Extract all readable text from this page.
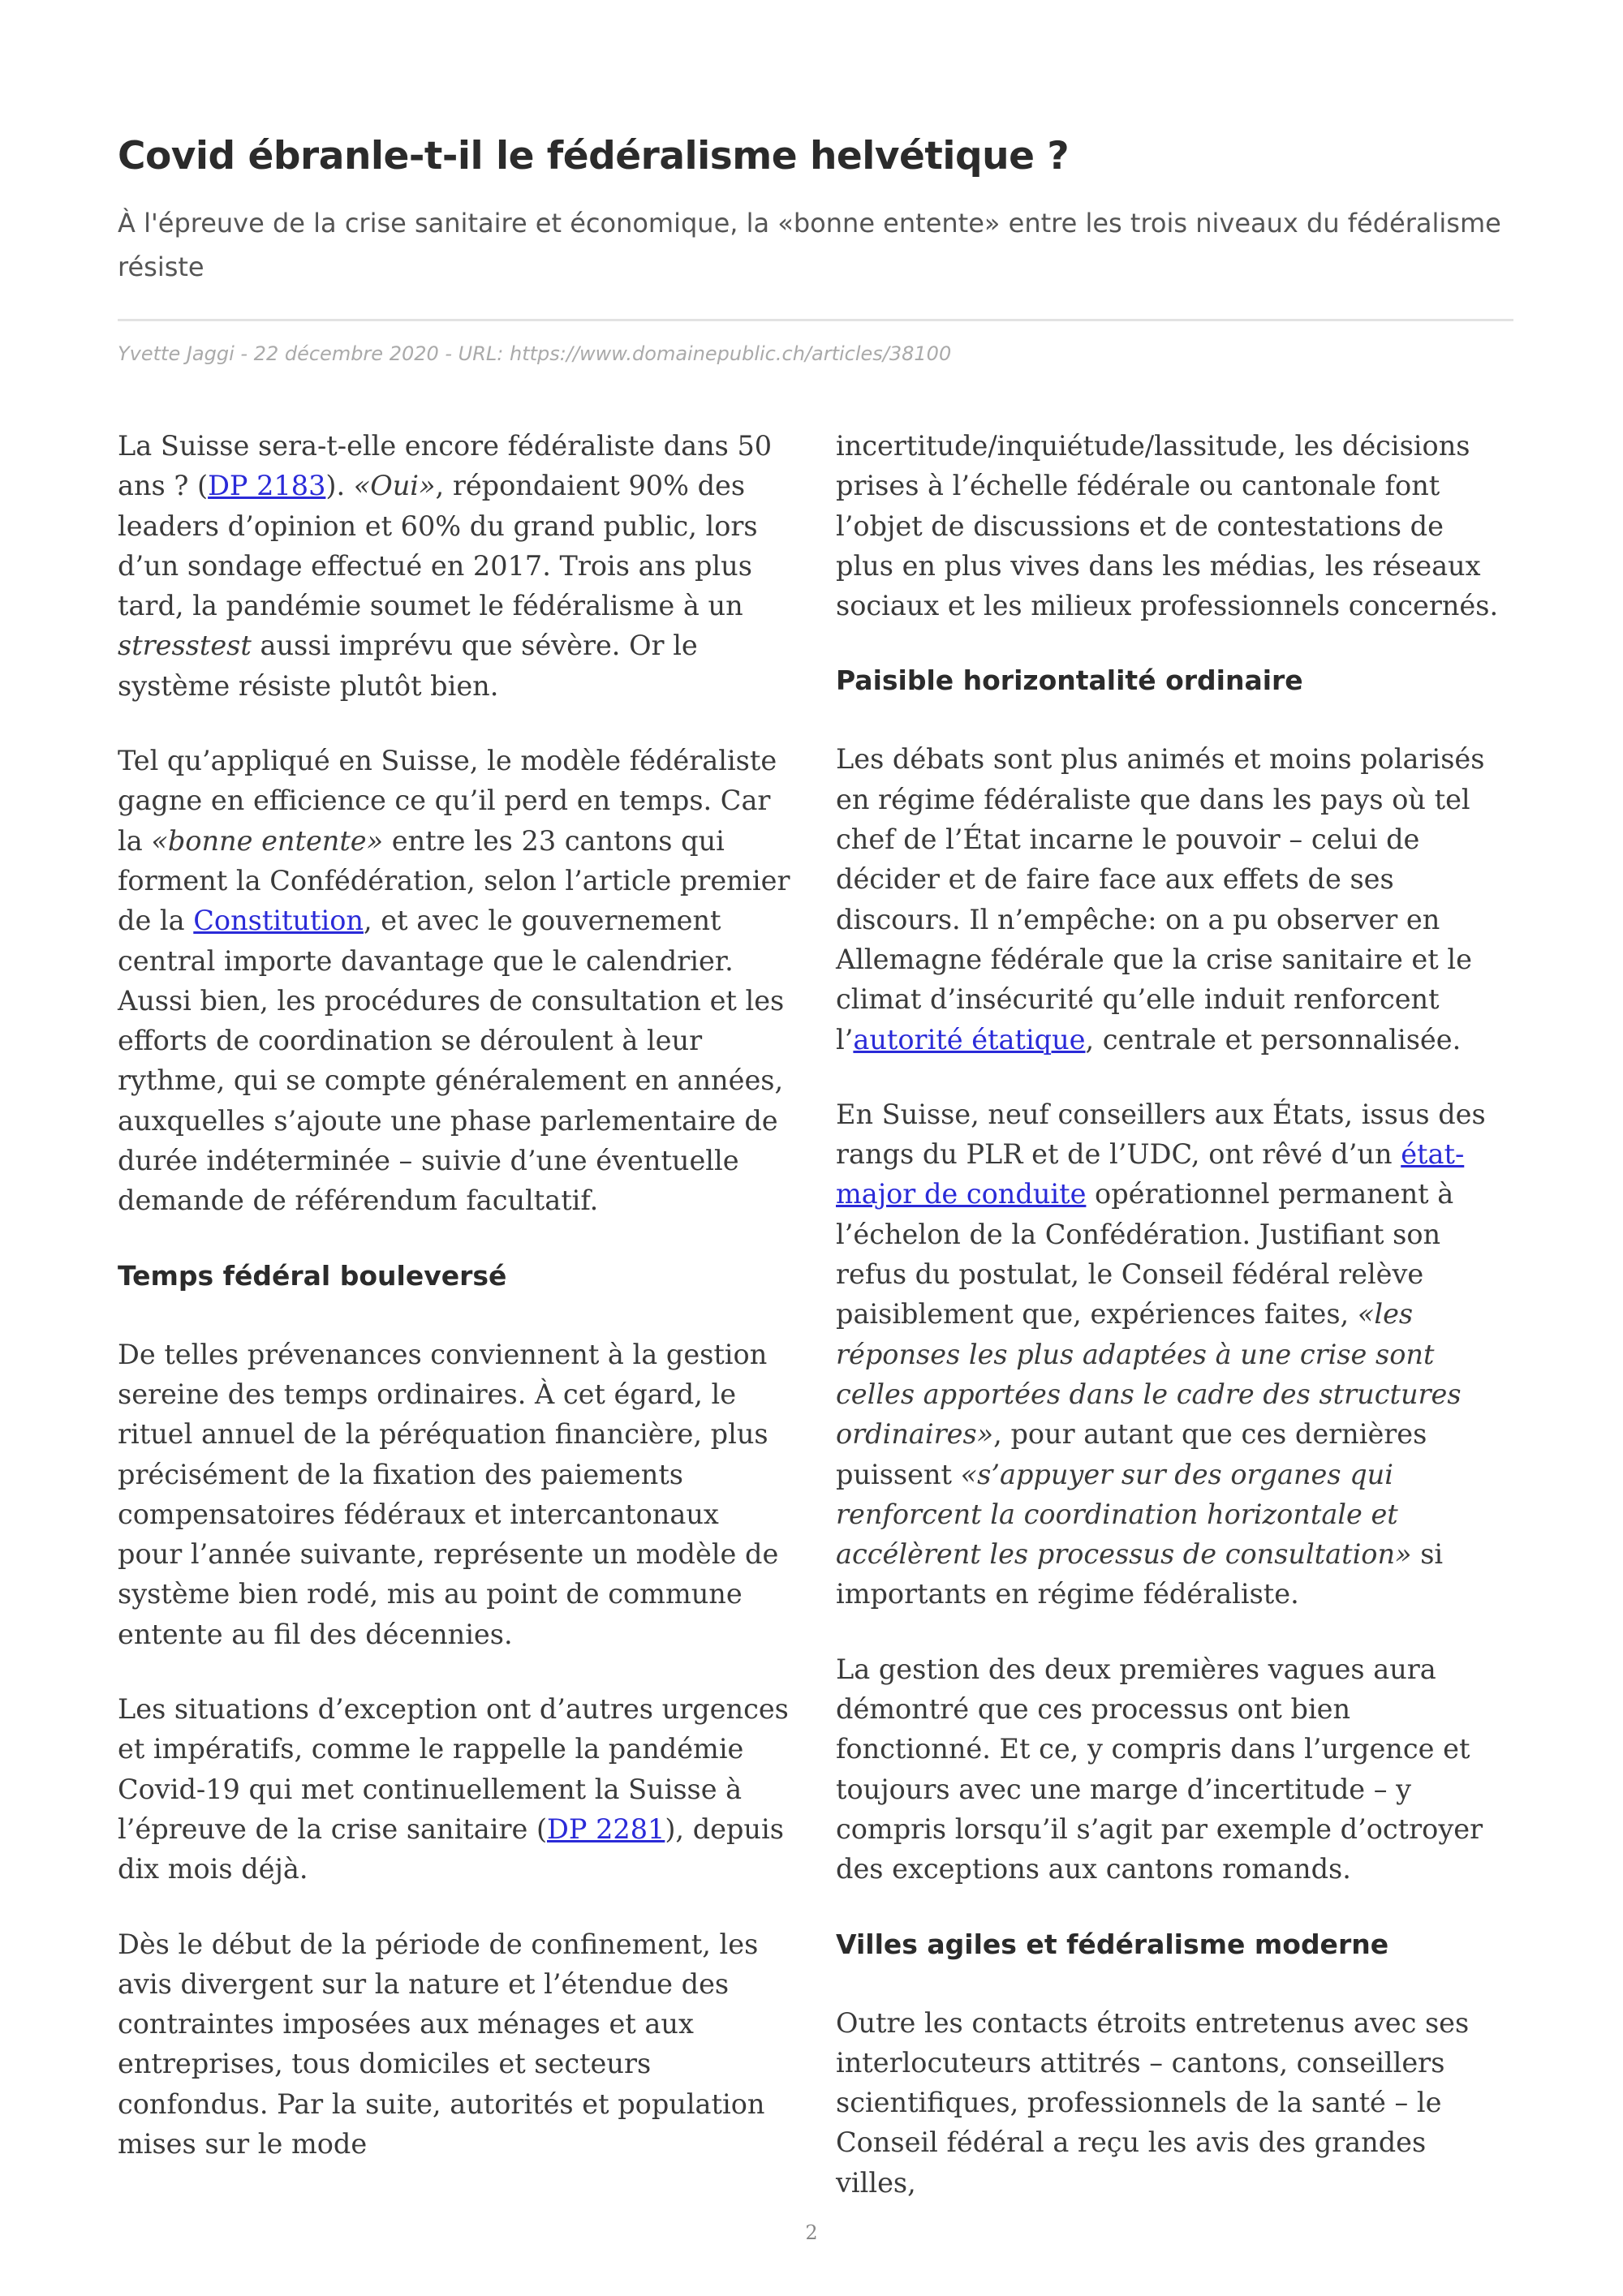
Covid ébranle-t-il le fédéralisme helvétique ?
À l'épreuve de la crise sanitaire et économique, la «bonne entente» entre les trois niveaux du fédéralisme résiste
Yvette Jaggi - 22 décembre 2020 - URL: https://www.domainepublic.ch/articles/38100

La Suisse sera-t-elle encore fédéraliste dans 50 ans ? (DP 2183). «Oui», répondaient 90% des leaders d’opinion et 60% du grand public, lors d’un sondage effectué en 2017. Trois ans plus tard, la pandémie soumet le fédéralisme à un stresstest aussi imprévu que sévère. Or le système résiste plutôt bien.

Tel qu’appliqué en Suisse, le modèle fédéraliste gagne en efficience ce qu’il perd en temps. Car la «bonne entente» entre les 23 cantons qui forment la Confédération, selon l’article premier de la Constitution, et avec le gouvernement central importe davantage que le calendrier. Aussi bien, les procédures de consultation et les efforts de coordination se déroulent à leur rythme, qui se compte généralement en années, auxquelles s’ajoute une phase parlementaire de durée indéterminée – suivie d’une éventuelle demande de référendum facultatif.

Temps fédéral bouleversé

De telles prévenances conviennent à la gestion sereine des temps ordinaires. À cet égard, le rituel annuel de la péréquation financière, plus précisément de la fixation des paiements compensatoires fédéraux et intercantonaux pour l’année suivante, représente un modèle de système bien rodé, mis au point de commune entente au fil des décennies.

Les situations d’exception ont d’autres urgences et impératifs, comme le rappelle la pandémie Covid-19 qui met continuellement la Suisse à l’épreuve de la crise sanitaire (DP 2281), depuis dix mois déjà.

Dès le début de la période de confinement, les avis divergent sur la nature et l’étendue des contraintes imposées aux ménages et aux entreprises, tous domiciles et secteurs confondus. Par la suite, autorités et population mises sur le mode

incertitude/inquiétude/lassitude, les décisions prises à l’échelle fédérale ou cantonale font l’objet de discussions et de contestations de plus en plus vives dans les médias, les réseaux sociaux et les milieux professionnels concernés.

Paisible horizontalité ordinaire

Les débats sont plus animés et moins polarisés en régime fédéraliste que dans les pays où tel chef de l’État incarne le pouvoir – celui de décider et de faire face aux effets de ses discours. Il n’empêche: on a pu observer en Allemagne fédérale que la crise sanitaire et le climat d’insécurité qu’elle induit renforcent l’autorité étatique, centrale et personnalisée.

En Suisse, neuf conseillers aux États, issus des rangs du PLR et de l’UDC, ont rêvé d’un état-major de conduite opérationnel permanent à l’échelon de la Confédération. Justifiant son refus du postulat, le Conseil fédéral relève paisiblement que, expériences faites, «les réponses les plus adaptées à une crise sont celles apportées dans le cadre des structures ordinaires», pour autant que ces dernières puissent «s’appuyer sur des organes qui renforcent la coordination horizontale et accélèrent les processus de consultation» si importants en régime fédéraliste.

La gestion des deux premières vagues aura démontré que ces processus ont bien fonctionné. Et ce, y compris dans l’urgence et toujours avec une marge d’incertitude – y compris lorsqu’il s’agit par exemple d’octroyer des exceptions aux cantons romands.

Villes agiles et fédéralisme moderne

Outre les contacts étroits entretenus avec ses interlocuteurs attitrés – cantons, conseillers scientifiques, professionnels de la santé – le Conseil fédéral a reçu les avis des grandes villes,

2
